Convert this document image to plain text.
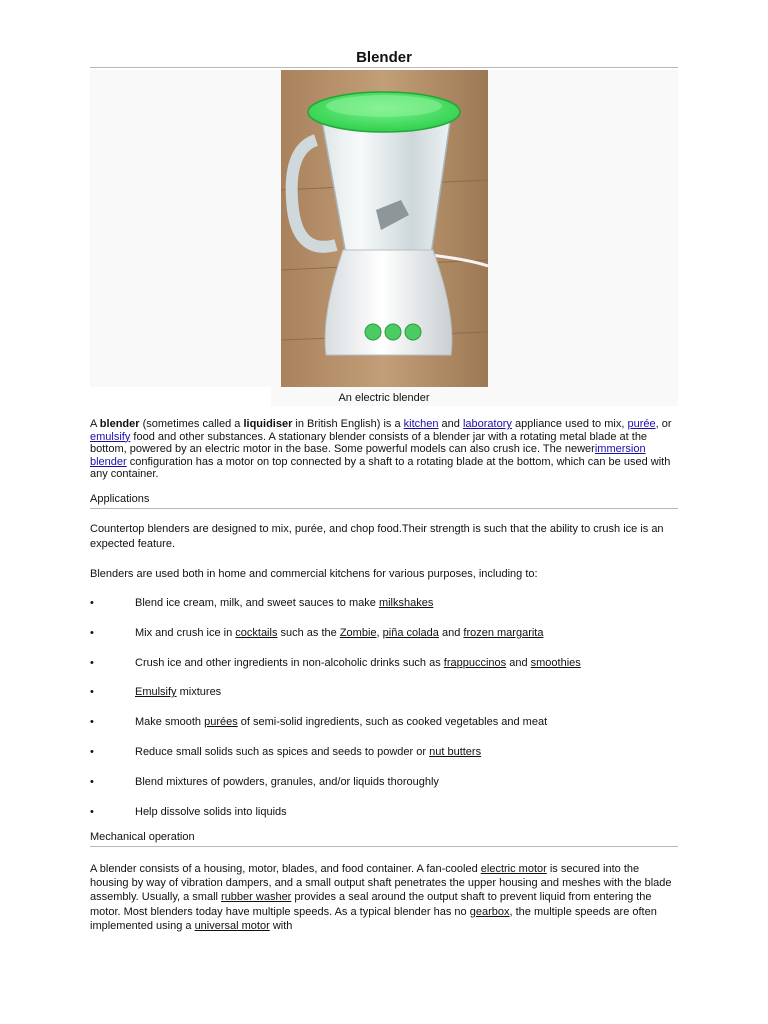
Blender
An electric blender
A blender (sometimes called a liquidiser in British English) is a kitchen and laboratory appliance used to mix, purée, or emulsify food and other substances. A stationary blender consists of a blender jar with a rotating metal blade at the bottom, powered by an electric motor in the base. Some powerful models can also crush ice. The newerimmersion blender configuration has a motor on top connected by a shaft to a rotating blade at the bottom, which can be used with any container.
Applications
Countertop blenders are designed to mix, purée, and chop food.Their strength is such that the ability to crush ice is an expected feature.
Blenders are used both in home and commercial kitchens for various purposes, including to:
•	Blend ice cream, milk, and sweet sauces to make milkshakes
•	Mix and crush ice in cocktails such as the Zombie, piña colada and frozen margarita
•	Crush ice and other ingredients in non-alcoholic drinks such as frappuccinos and smoothies
•	Emulsify mixtures
•	Make smooth purées of semi-solid ingredients, such as cooked vegetables and meat
•	Reduce small solids such as spices and seeds to powder or nut butters
•	Blend mixtures of powders, granules, and/or liquids thoroughly
•	Help dissolve solids into liquids
Mechanical operation
A blender consists of a housing, motor, blades, and food container. A fan-cooled electric motor is secured into the housing by way of vibration dampers, and a small output shaft penetrates the upper housing and meshes with the blade assembly. Usually, a small rubber washer provides a seal around the output shaft to prevent liquid from entering the motor. Most blenders today have multiple speeds. As a typical blender has no gearbox, the multiple speeds are often implemented using a universal motor with
